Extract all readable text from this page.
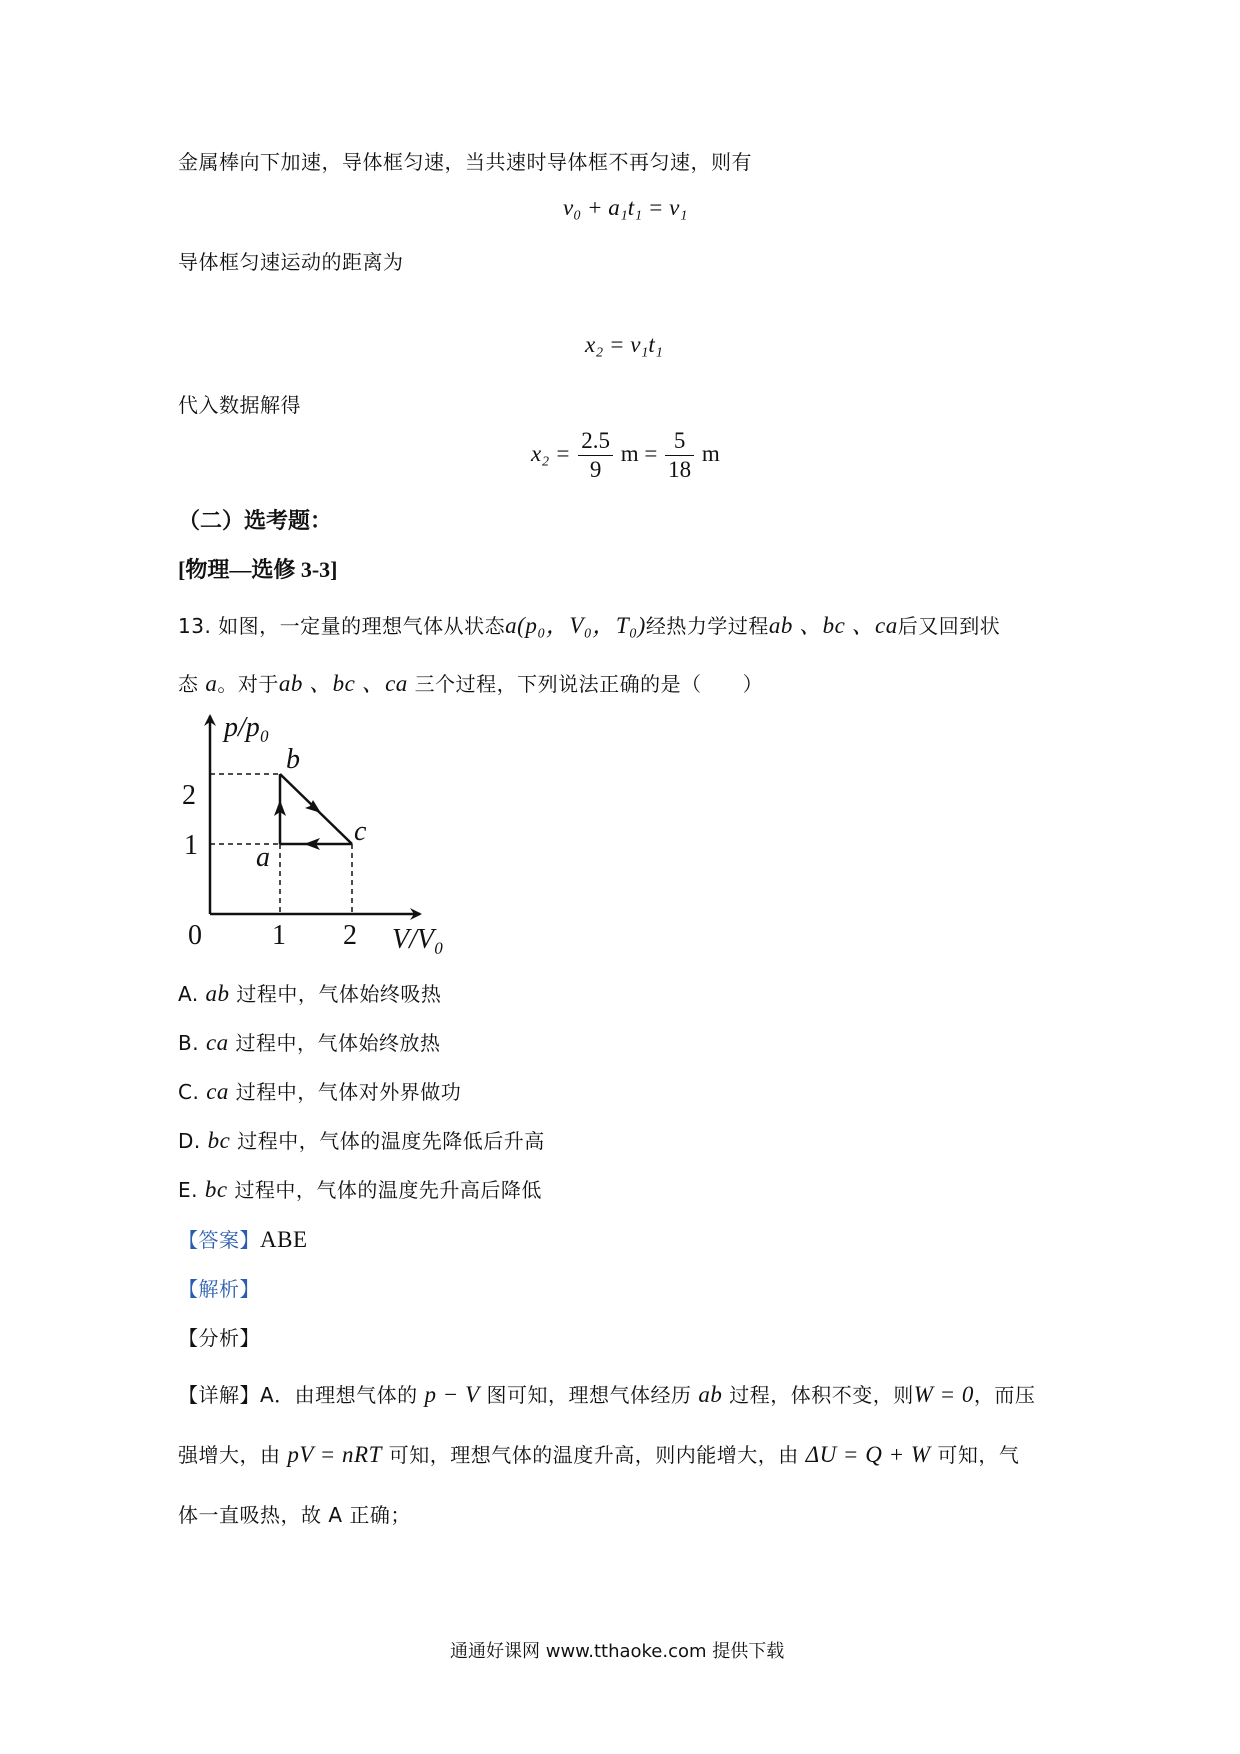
金属棒向下加速，导体框匀速，当共速时导体框不再匀速，则有
v₀ + a₁t₁ = v₁
导体框匀速运动的距离为
x₂ = v₁t₁
代入数据解得
$x_2 = \frac{2.5}{9}$ $m = \frac{5}{18}$ m
（二）选考题：
[物理—选修 3-3]
13. 如图，一定量的理想气体从状态a(p₀，V₀，T₀)经热力学过程ab 、bc 、ca后又回到状
态 a。对于ab 、bc 、ca 三个过程，下列说法正确的是（　　）
p/p₀
V/V₀
0	1 2
2
1 a
b
c
A. ab 过程中，气体始终吸热
B. ca 过程中，气体始终放热
C. ca 过程中，气体对外界做功
D. bc 过程中，气体的温度先降低后升高
E. bc 过程中，气体的温度先升高后降低
【答案】ABE
【解析】
【分析】
【详解】A．由理想气体的 p − V 图可知，理想气体经历 ab 过程，体积不变，则W = 0，而压
强增大，由 pV = nRT 可知，理想气体的温度升高，则内能增大，由 ΔU = Q + W 可知，气
体一直吸热，故 A 正确；
通通好课网 www.tthaoke.com 提供下载
